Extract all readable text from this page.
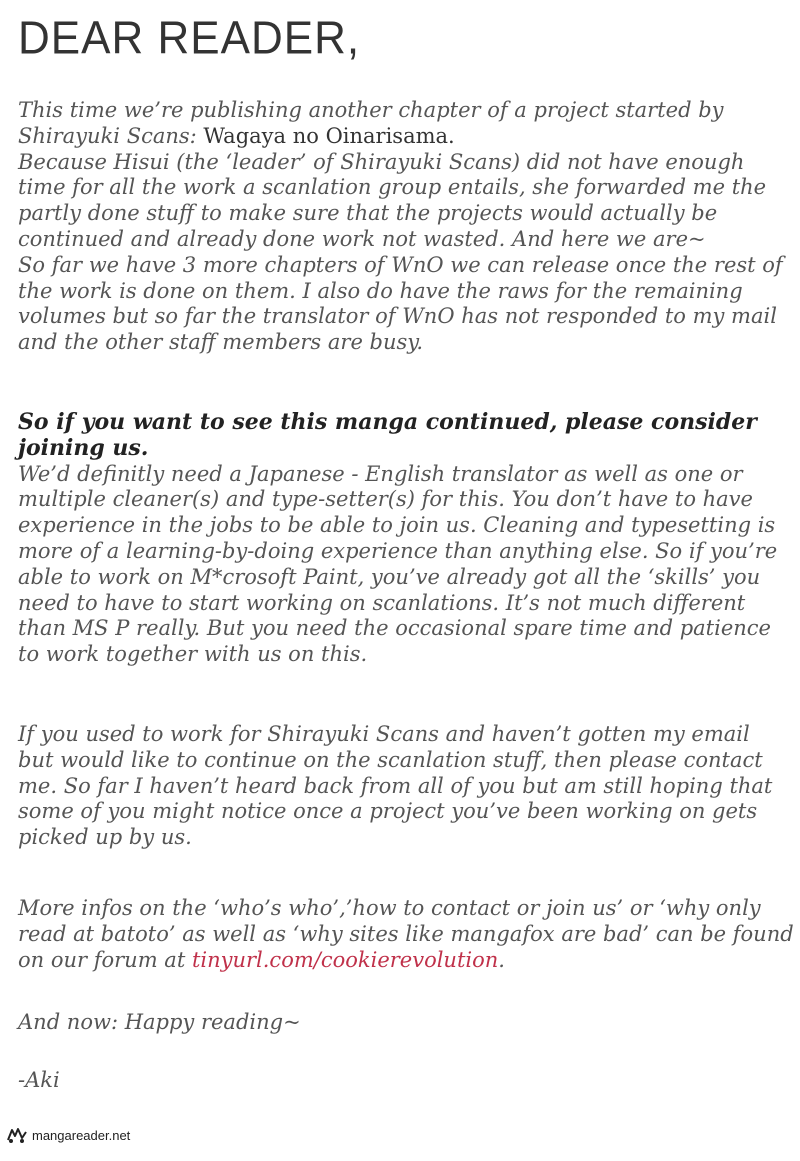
DEAR READER,
This time we’re publishing another chapter of a project started by
Shirayuki Scans: Wagaya no Oinarisama.
Because Hisui (the ‘leader’ of Shirayuki Scans) did not have enough
time for all the work a scanlation group entails, she forwarded me the
partly done stuff to make sure that the projects would actually be
continued and already done work not wasted. And here we are~
So far we have 3 more chapters of WnO we can release once the rest of
the work is done on them. I also do have the raws for the remaining
volumes but so far the translator of WnO has not responded to my mail
and the other staff members are busy.
So if you want to see this manga continued, please consider
joining us.
We’d definitly need a Japanese - English translator as well as one or
multiple cleaner(s) and type-setter(s) for this. You don’t have to have
experience in the jobs to be able to join us. Cleaning and typesetting is
more of a learning-by-doing experience than anything else. So if you’re
able to work on M*crosoft Paint, you’ve already got all the ‘skills’ you
need to have to start working on scanlations. It’s not much different
than MS P really. But you need the occasional spare time and patience
to work together with us on this.
If you used to work for Shirayuki Scans and haven’t gotten my email
but would like to continue on the scanlation stuff, then please contact
me. So far I haven’t heard back from all of you but am still hoping that
some of you might notice once a project you’ve been working on gets
picked up by us.
More infos on the ‘who’s who’,’how to contact or join us’ or ‘why only
read at batoto’ as well as ‘why sites like mangafox are bad’ can be found
on our forum at tinyurl.com/cookierevolution.
And now: Happy reading~
-Aki
mangareader.net
